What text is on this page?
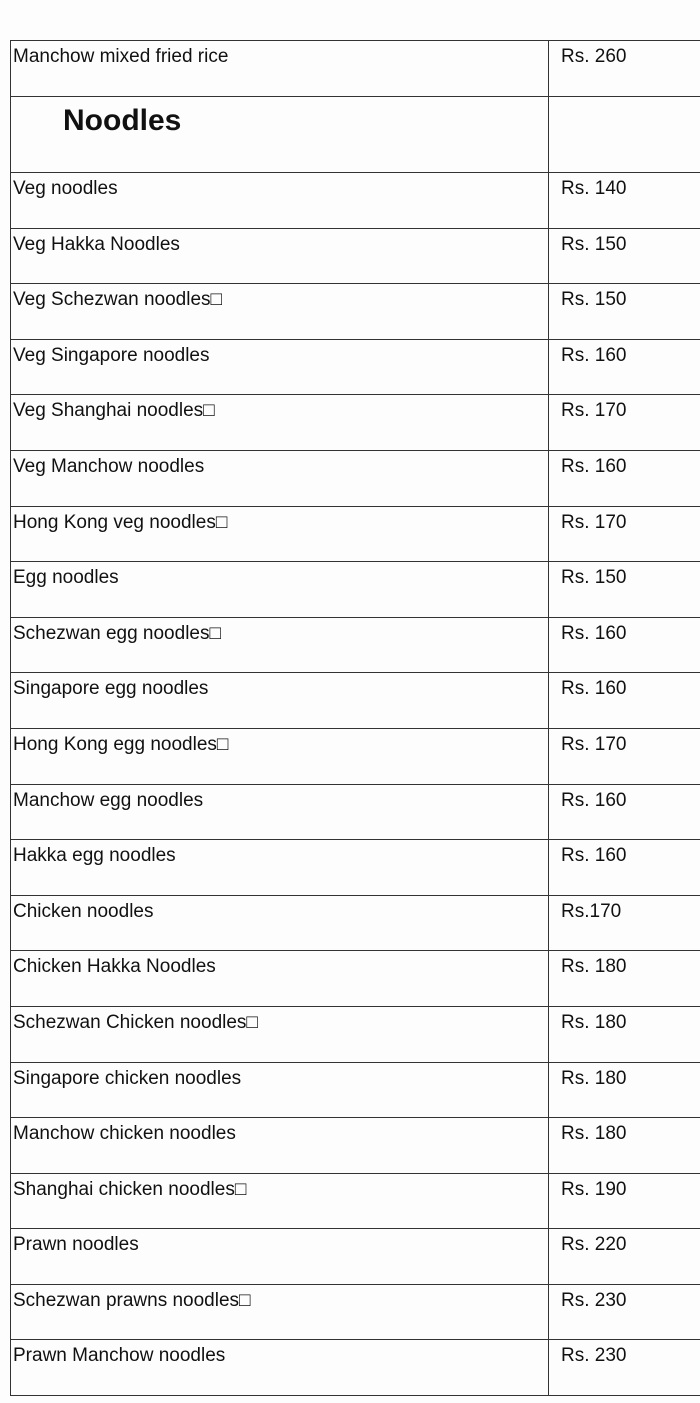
Manchow mixed fried rice	Rs. 260
Noodles
Veg noodles	Rs. 140
Veg Hakka Noodles	Rs. 150
Veg Schezwan noodles□	Rs. 150
Veg Singapore noodles	Rs. 160
Veg Shanghai noodles□	Rs. 170
Veg Manchow noodles	Rs. 160
Hong Kong veg noodles□	Rs. 170
Egg noodles	Rs. 150
Schezwan egg noodles□	Rs. 160
Singapore egg noodles	Rs. 160
Hong Kong egg noodles□	Rs. 170
Manchow egg noodles	Rs. 160
Hakka egg noodles	Rs. 160
Chicken noodles	Rs.170
Chicken Hakka Noodles	Rs. 180
Schezwan Chicken noodles□	Rs. 180
Singapore chicken noodles	Rs. 180
Manchow chicken noodles	Rs. 180
Shanghai chicken noodles□	Rs. 190
Prawn noodles	Rs. 220
Schezwan prawns noodles□	Rs. 230
Prawn Manchow noodles	Rs. 230
